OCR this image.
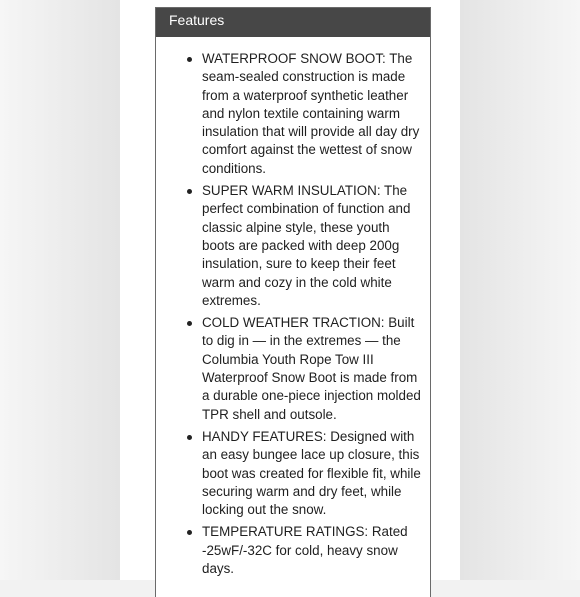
Features
WATERPROOF SNOW BOOT: The seam-sealed construction is made from a waterproof synthetic leather and nylon textile containing warm insulation that will provide all day dry comfort against the wettest of snow conditions.
SUPER WARM INSULATION: The perfect combination of function and classic alpine style, these youth boots are packed with deep 200g insulation, sure to keep their feet warm and cozy in the cold white extremes.
COLD WEATHER TRACTION: Built to dig in — in the extremes — the Columbia Youth Rope Tow III Waterproof Snow Boot is made from a durable one-piece injection molded TPR shell and outsole.
HANDY FEATURES: Designed with an easy bungee lace up closure, this boot was created for flexible fit, while securing warm and dry feet, while locking out the snow.
TEMPERATURE RATINGS: Rated -25wF/-32C for cold, heavy snow days.
